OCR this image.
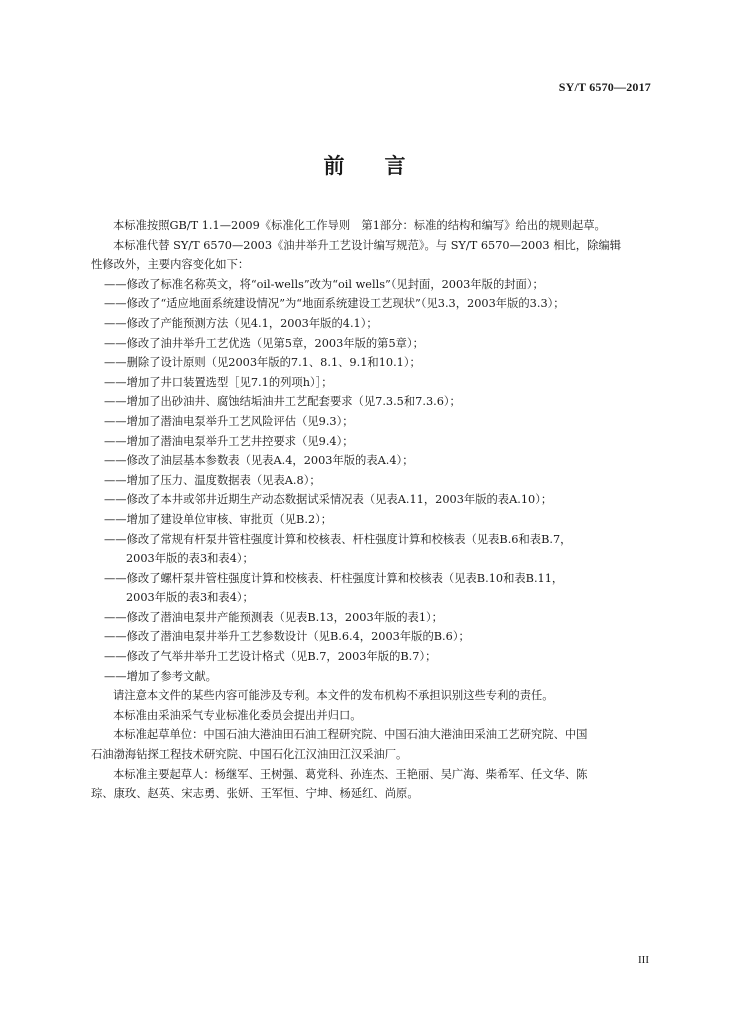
SY/T 6570—2017
前 言
本标准按照GB/T 1.1—2009《标准化工作导则　第1部分：标准的结构和编写》给出的规则起草。
本标准代替 SY/T 6570—2003《油井举升工艺设计编写规范》。与 SY/T 6570—2003 相比，除编辑
性修改外，主要内容变化如下：
——修改了标准名称英文，将“oil-wells”改为“oil wells”（见封面，2003年版的封面）；
——修改了“适应地面系统建设情况”为“地面系统建设工艺现状”（见3.3，2003年版的3.3）；
——修改了产能预测方法（见4.1，2003年版的4.1）；
——修改了油井举升工艺优选（见第5章，2003年版的第5章）；
——删除了设计原则（见2003年版的7.1、8.1、9.1和10.1）；
——增加了井口装置选型［见7.1的列项h）］；
——增加了出砂油井、腐蚀结垢油井工艺配套要求（见7.3.5和7.3.6）；
——增加了潜油电泵举升工艺风险评估（见9.3）；
——增加了潜油电泵举升工艺井控要求（见9.4）；
——修改了油层基本参数表（见表A.4，2003年版的表A.4）；
——增加了压力、温度数据表（见表A.8）；
——修改了本井或邻井近期生产动态数据试采情况表（见表A.11，2003年版的表A.10）；
——增加了建设单位审核、审批页（见B.2）；
——修改了常规有杆泵井管柱强度计算和校核表、杆柱强度计算和校核表（见表B.6和表B.7，
2003年版的表3和表4）；
——修改了螺杆泵井管柱强度计算和校核表、杆柱强度计算和校核表（见表B.10和表B.11，
2003年版的表3和表4）；
——修改了潜油电泵井产能预测表（见表B.13，2003年版的表1）；
——修改了潜油电泵井举升工艺参数设计（见B.6.4，2003年版的B.6）；
——修改了气举井举升工艺设计格式（见B.7，2003年版的B.7）；
——增加了参考文献。
请注意本文件的某些内容可能涉及专利。本文件的发布机构不承担识别这些专利的责任。
本标准由采油采气专业标准化委员会提出并归口。
本标准起草单位：中国石油大港油田石油工程研究院、中国石油大港油田采油工艺研究院、中国
石油渤海钻探工程技术研究院、中国石化江汉油田江汉采油厂。
本标准主要起草人：杨继军、王树强、葛党科、孙连杰、王艳丽、吴广海、柴希军、任文华、陈
琮、康玫、赵英、宋志勇、张妍、王军恒、宁坤、杨延红、尚原。
III
